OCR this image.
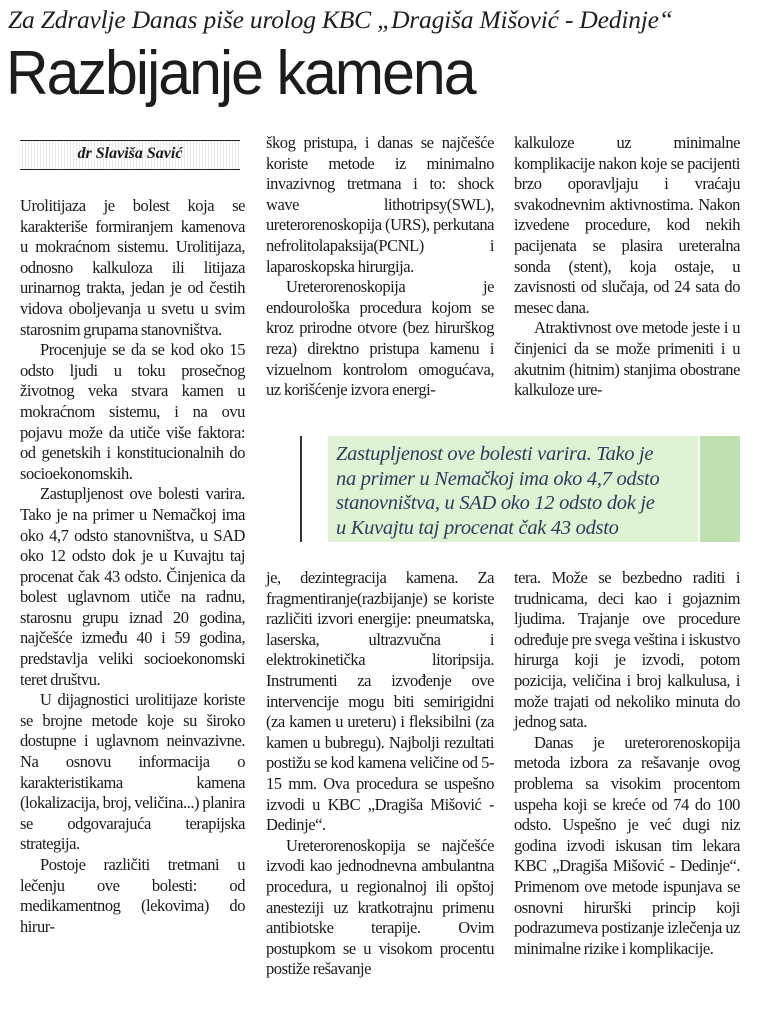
Za Zdravlje Danas piše urolog KBC „Dragiša Mišović - Dedinje“
Razbijanje kamena
dr Slaviša Savić

Urolitijaza je bolest koja se karakteriše formiranjem kamenova u mokraćnom sistemu. Urolitijaza, odnosno kalkuloza ili litijaza urinarnog trakta, jedan je od čestih vidova obolјevanja u svetu u svim starosnim grupama stanovništva.

Procenjuje se da se kod oko 15 odsto ljudi u toku prosečnog životnog veka stvara kamen u mokraćnom sistemu, i na ovu pojavu može da utiče više faktora: od genetskih i konstitucionalnih do socioekonomskih.

Zastupljenost ove bolesti varira. Tako je na primer u Nemačkoj ima oko 4,7 odsto stanovništva, u SAD oko 12 odsto dok je u Kuvajtu taj procenat čak 43 odsto. Činjenica da bolest uglavnom utiče na radnu, starosnu grupu iznad 20 godina, najčešće između 40 i 59 godina, predstavlja veliki socioekonomski teret društvu.

U dijagnostici urolitijaze koriste se brojne metode koje su široko dostupne i uglavnom neinvazivne. Na osnovu informacija o karakteristikama kamena (lokalizacija, broj, veličina...) planira se odgovarajuća terapijska strategija.

Postoje različiti tretmani u lečenju ove bolesti: od medikamentnog (lekovima) do hirur-

škog pristupa, i danas se najčešće koriste metode iz minimalno invazivnog tretmana i to: shock wave lithotripsy(SWL), ureterorenoskopija (URS), perkutana nefrolitolapaksija(PCNL) i laparoskopska hirurgija.

Ureterorenoskopija je endourološka procedura kojom se kroz prirodne otvore (bez hirurškog reza) direktno pristupa kamenu i vizuelnom kontrolom omogućava, uz korišćenje izvora energi-

kalkuloze uz minimalne komplikacije nakon koje se pacijenti brzo oporavljaju i vraćaju svakodnevnim aktivnostima. Nakon izvedene procedure, kod nekih pacijenata se plasira ureteralna sonda (stent), koja ostaje, u zavisnosti od slučaja, od 24 sata do mesec dana.

Atraktivnost ove metode jeste i u činjenici da se može primeniti i u akutnim (hitnim) stanjima obostrane kalkuloze ure-

Zastupljenost ove bolesti varira. Tako je
na primer u Nemačkoj ima oko 4,7 odsto
stanovništva, u SAD oko 12 odsto dok je
u Kuvajtu taj procenat čak 43 odsto

je, dezintegracija kamena. Za fragmentiranje(razbijanje) se koriste različiti izvori energije: pneumatska, laserska, ultrazvučna i elektrokinetička litoripsija. Instrumenti za izvođenje ove intervencije mogu biti semirigidni (za kamen u ureteru) i fleksibilni (za kamen u bubregu). Najbolji rezultati postižu se kod kamena veličine od 5-15 mm. Ova procedura se uspešno izvodi u KBC „Dragiša Mišović - Dedinje“.

Ureterorenoskopija se najčešće izvodi kao jednodnevna ambulantna procedura, u regionalnoj ili opštoj anesteziji uz kratkotrajnu primenu antibiotske terapije. Ovim postupkom se u visokom procentu postiže rešavanje

tera. Može se bezbedno raditi i trudnicama, deci kao i gojaznim ljudima. Trajanje ove procedure određuje pre svega veština i iskustvo hirurga koji je izvodi, potom pozicija, veličina i broj kalkulusa, i može trajati od nekoliko minuta do jednog sata.

Danas je ureterorenoskopija metoda izbora za rešavanje ovog problema sa visokim procentom uspeha koji se kreće od 74 do 100 odsto. Uspešno je već dugi niz godina izvodi iskusan tim lekara KBC „Dragiša Mišović - Dedinje“. Primenom ove metode ispunjava se osnovni hirurški princip koji podrazumeva postizanje izlečenja uz minimalne rizike i komplikacije.
